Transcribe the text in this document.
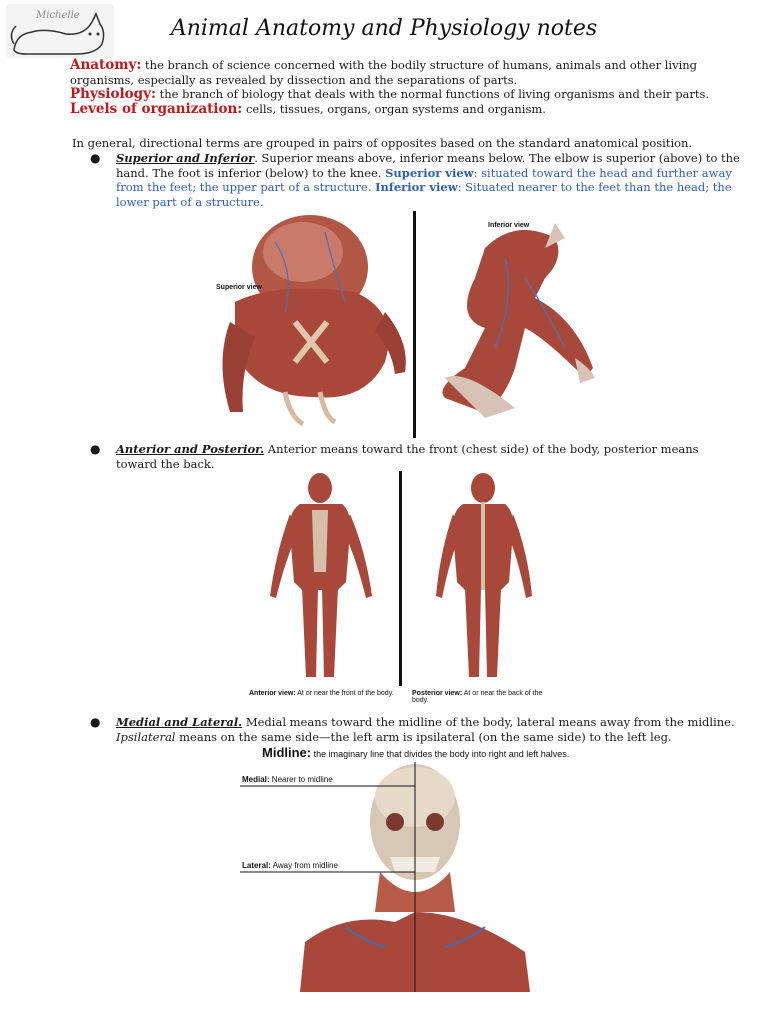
Michelle
Animal Anatomy and Physiology notes

Anatomy: the branch of science concerned with the bodily structure of humans, animals and other living organisms, especially as revealed by dissection and the separations of parts.

Physiology: the branch of biology that deals with the normal functions of living organisms and their parts.

Levels of organization: cells, tissues, organs, organ systems and organism.

In general, directional terms are grouped in pairs of opposites based on the standard anatomical position.
● Superior and Inferior. Superior means above, inferior means below. The elbow is superior (above) to the hand. The foot is inferior (below) to the knee. Superior view: situated toward the head and further away from the feet; the upper part of a structure. Inferior view: Situated nearer to the feet than the head; the lower part of a structure.
Superior view
Inferior view
● Anterior and Posterior. Anterior means toward the front (chest side) of the body, posterior means toward the back.
Anterior view: At or near the front of the body.	Posterior view: At or near the back of the body.
● Medial and Lateral. Medial means toward the midline of the body, lateral means away from the midline. Ipsilateral means on the same side—the left arm is ipsilateral (on the same side) to the left leg.
Midline: the imaginary line that divides the body into right and left halves.
Medial: Nearer to midline
Lateral: Away from midline
